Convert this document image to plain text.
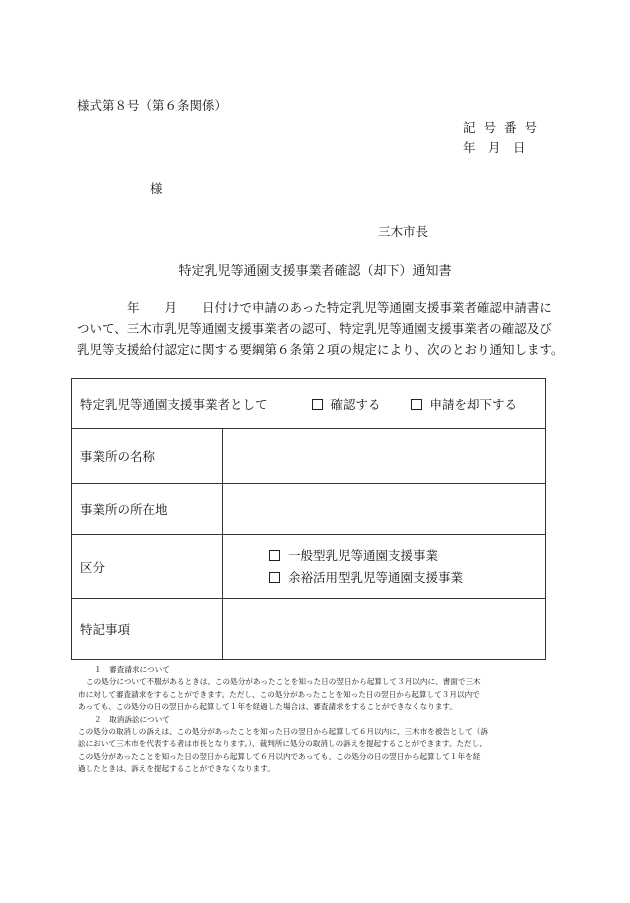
様式第８号（第６条関係）
記号番号
年　月　日
様
三木市長
特定乳児等通園支援事業者確認（却下）通知書
年　　月　　日付けで申請のあった特定乳児等通園支援事業者確認申請書に
ついて、三木市乳児等通園支援事業者の認可、特定乳児等通園支援事業者の確認及び
乳児等支援給付認定に関する要綱第６条第２項の規定により、次のとおり通知します。
特定乳児等通園支援事業者として 確認する 申請を却下する	
事業所の名称	
事業所の所在地	
区分	一般型乳児等通園支援事業
余裕活用型乳児等通園支援事業

特記事項	
１　審査請求について
この処分について不服があるときは、この処分があったことを知った日の翌日から起算して３月以内に、書面で三木
市に対して審査請求をすることができます。ただし、この処分があったことを知った日の翌日から起算して３月以内で
あっても、この処分の日の翌日から起算して１年を経過した場合は、審査請求をすることができなくなります。
２　取消訴訟について
この処分の取消しの訴えは、この処分があったことを知った日の翌日から起算して６月以内に、三木市を被告として（訴
訟において三木市を代表する者は市長となります。）、裁判所に処分の取消しの訴えを提起することができます。ただし、
この処分があったことを知った日の翌日から起算して６月以内であっても、この処分の日の翌日から起算して１年を経
過したときは、訴えを提起することができなくなります。
